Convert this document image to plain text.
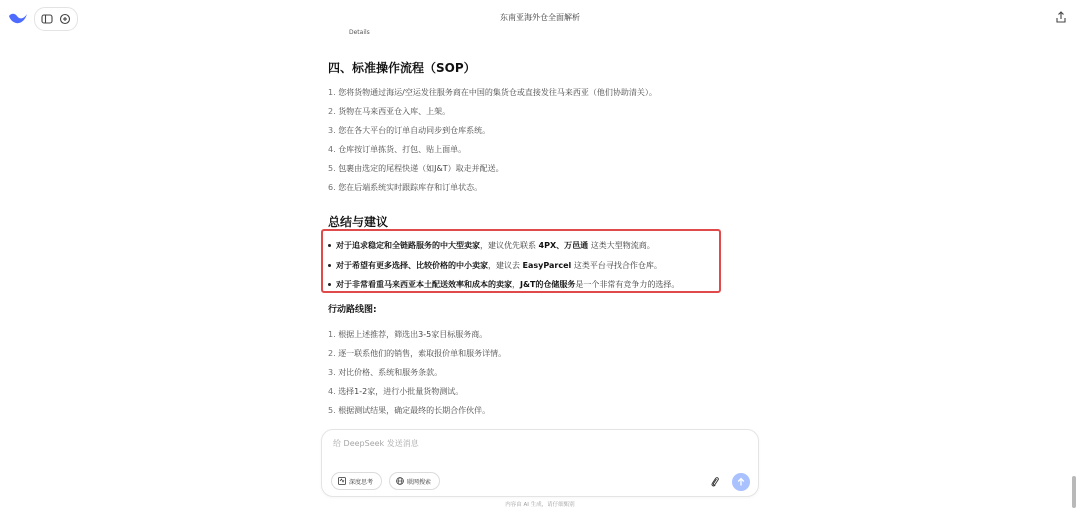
东南亚海外仓全面解析
Details
四、标准操作流程（SOP）
1. 您将货物通过海运/空运发往服务商在中国的集货仓或直接发往马来西亚（他们协助清关）。
2. 货物在马来西亚仓入库、上架。
3. 您在各大平台的订单自动同步到仓库系统。
4. 仓库按订单拣货、打包、贴上面单。
5. 包裹由选定的尾程快递（如J&T）取走并配送。
6. 您在后端系统实时跟踪库存和订单状态。
总结与建议
对于追求稳定和全链路服务的中大型卖家，建议优先联系 4PX、万邑通 这类大型物流商。
对于希望有更多选择、比较价格的中小卖家，建议去 EasyParcel 这类平台寻找合作仓库。
对于非常看重马来西亚本土配送效率和成本的卖家，J&T的仓储服务是一个非常有竞争力的选择。
行动路线图:
1. 根据上述推荐，筛选出3-5家目标服务商。
2. 逐一联系他们的销售，索取报价单和服务详情。
3. 对比价格、系统和服务条款。
4. 选择1-2家，进行小批量货物测试。
5. 根据测试结果，确定最终的长期合作伙伴。
给 DeepSeek 发送消息
深度思考	联网搜索
内容由 AI 生成，请仔细甄别
